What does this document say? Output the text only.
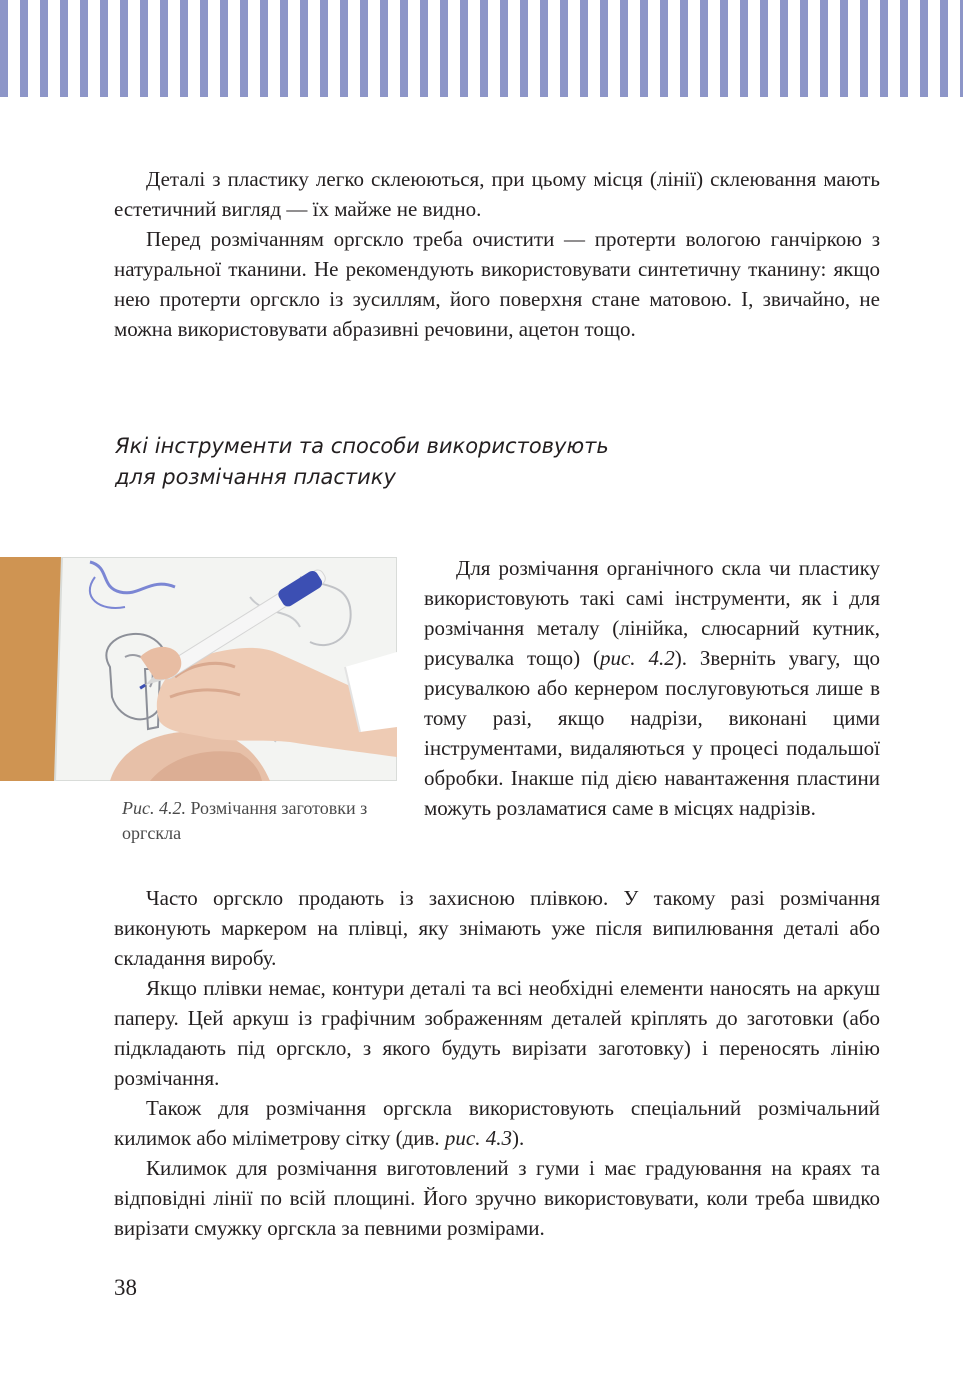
Деталі з пластику легко склеюються, при цьому місця (лінії) склеювання мають естетичний вигляд — їх майже не видно.

Перед розмічанням оргскло треба очистити — протерти вологою ганчіркою з натуральної тканини. Не рекомендують використовувати синтетичну тканину: якщо нею протерти оргскло із зусиллям, його поверхня стане матовою. І, звичайно, не можна використовувати абразивні речовини, ацетон тощо.

Які інструменти та способи використовують
для розмічання пластику
Рис. 4.2. Розмічання заготовки з оргскла

Для розмічання органічного скла чи пластику використовують такі самі інструменти, як і для розмічання металу (лінійка, слюсарний кутник, рисувалка тощо) (рис. 4.2). Зверніть увагу, що рисувалкою або кернером послуговуються лише в тому разі, якщо надрізи, виконані цими інструментами, видаляються у процесі подальшої обробки. Інакше під дією навантаження пластини можуть розламатися саме в місцях надрізів.

Часто оргскло продають із захисною плівкою. У такому разі розмічання виконують маркером на плівці, яку знімають уже після випилювання деталі або складання виробу.

Якщо плівки немає, контури деталі та всі необхідні елементи наносять на аркуш паперу. Цей аркуш із графічним зображенням деталей кріплять до заготовки (або підкладають під оргскло, з якого будуть вирізати заготовку) і переносять лінію розмічання.

Також для розмічання оргскла використовують спеціальний розмічальний килимок або міліметрову сітку (див. рис. 4.3).

Килимок для розмічання виготовлений з гуми і має градуювання на краях та відповідні лінії по всій площині. Його зручно використовувати, коли треба швидко вирізати смужку оргскла за певними розмірами.

38
